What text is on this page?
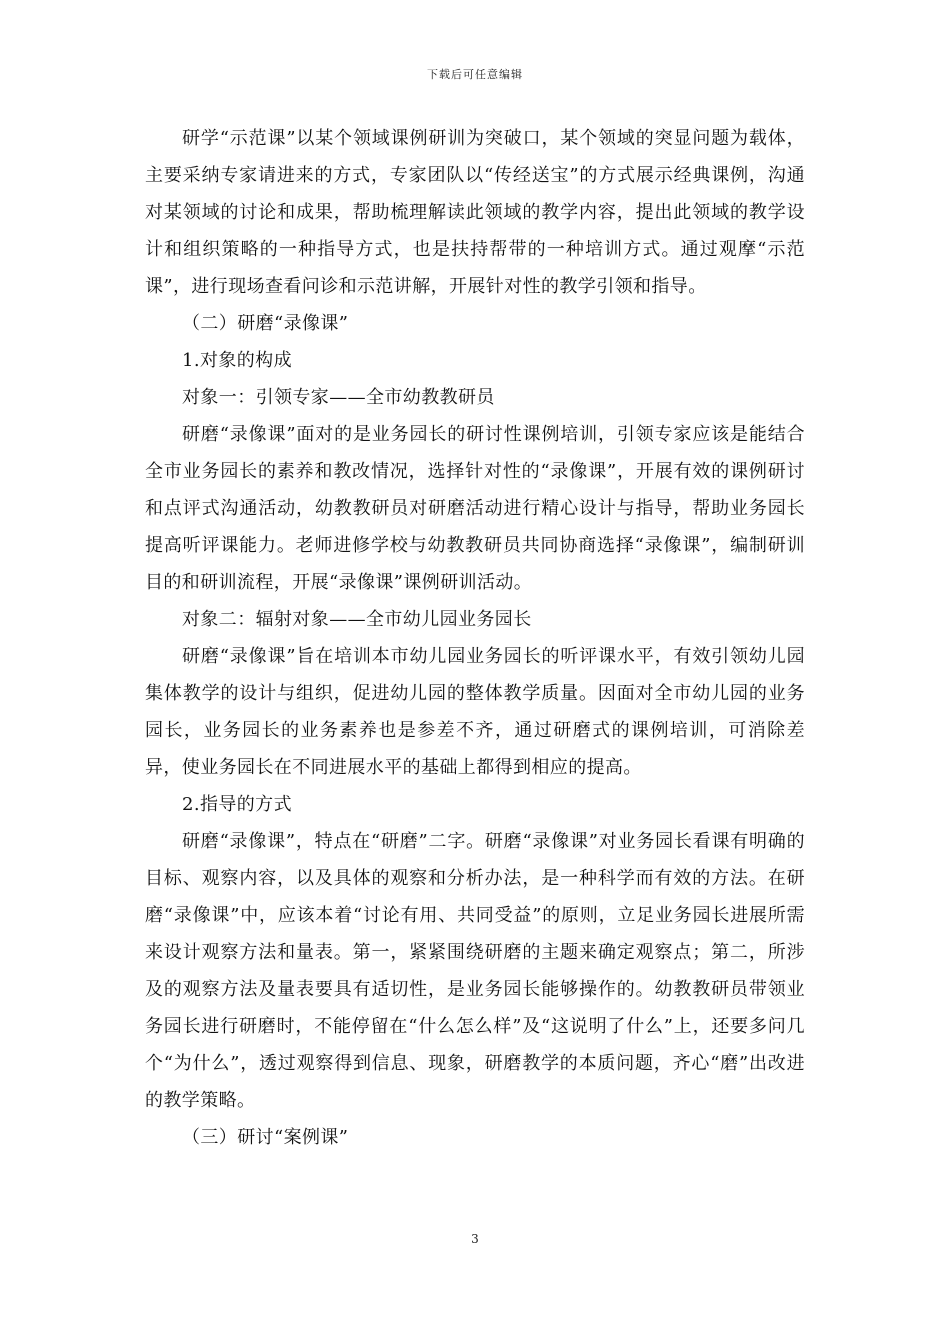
下载后可任意编辑

研学“示范课”以某个领域课例研训为突破口，某个领域的突显问题为载体，主要采纳专家请进来的方式，专家团队以“传经送宝”的方式展示经典课例，沟通对某领域的讨论和成果，帮助梳理解读此领域的教学内容，提出此领域的教学设计和组织策略的一种指导方式，也是扶持帮带的一种培训方式。通过观摩“示范课”，进行现场查看问诊和示范讲解，开展针对性的教学引领和指导。

（二）研磨“录像课”

1.对象的构成

对象一：引领专家——全市幼教教研员

研磨“录像课”面对的是业务园长的研讨性课例培训，引领专家应该是能结合全市业务园长的素养和教改情况，选择针对性的“录像课”，开展有效的课例研讨和点评式沟通活动，幼教教研员对研磨活动进行精心设计与指导，帮助业务园长提高听评课能力。老师进修学校与幼教教研员共同协商选择“录像课”，编制研训目的和研训流程，开展“录像课”课例研训活动。

对象二：辐射对象——全市幼儿园业务园长

研磨“录像课”旨在培训本市幼儿园业务园长的听评课水平，有效引领幼儿园集体教学的设计与组织，促进幼儿园的整体教学质量。因面对全市幼儿园的业务园长，业务园长的业务素养也是参差不齐，通过研磨式的课例培训，可消除差异，使业务园长在不同进展水平的基础上都得到相应的提高。

2.指导的方式

研磨“录像课”，特点在“研磨”二字。研磨“录像课”对业务园长看课有明确的目标、观察内容，以及具体的观察和分析办法，是一种科学而有效的方法。在研磨“录像课”中，应该本着“讨论有用、共同受益”的原则，立足业务园长进展所需来设计观察方法和量表。第一，紧紧围绕研磨的主题来确定观察点；第二，所涉及的观察方法及量表要具有适切性，是业务园长能够操作的。幼教教研员带领业务园长进行研磨时，不能停留在“什么怎么样”及“这说明了什么”上，还要多问几个“为什么”，透过观察得到信息、现象，研磨教学的本质问题，齐心“磨”出改进的教学策略。

（三）研讨“案例课”

3
